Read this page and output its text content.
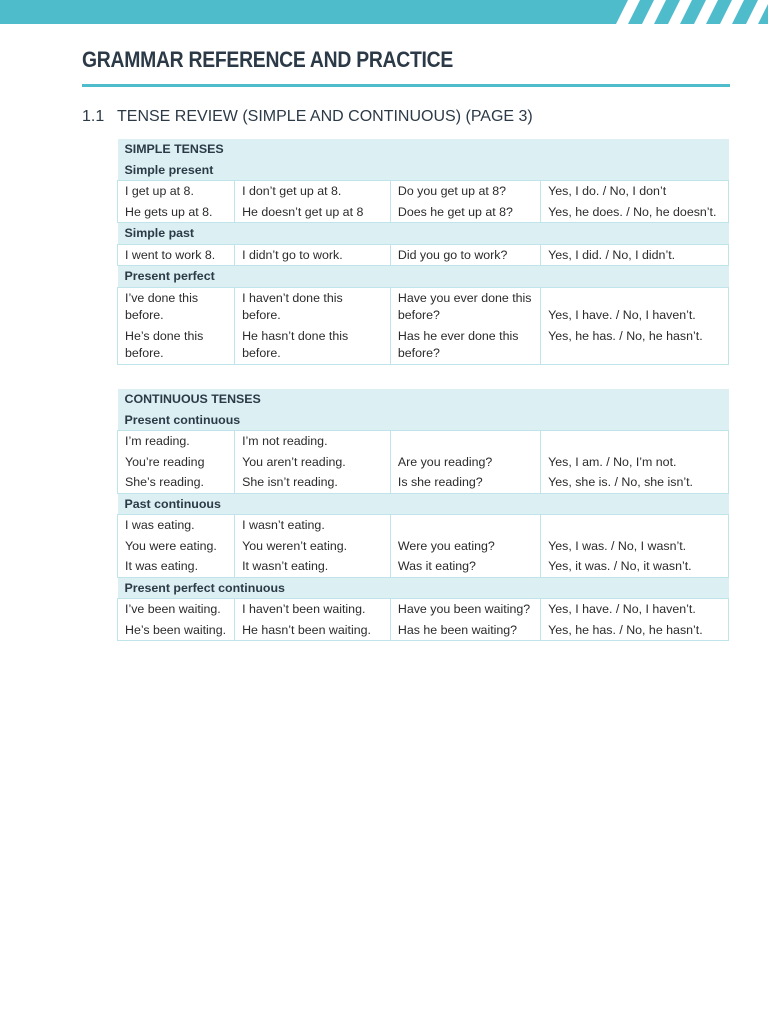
GRAMMAR REFERENCE AND PRACTICE
1.1 TENSE REVIEW (SIMPLE AND CONTINUOUS) (PAGE 3)
SIMPLE TENSES			
Simple present			
I get up at 8.	I don’t get up at 8.	Do you get up at 8?	Yes, I do. / No, I don’t
He gets up at 8.	He doesn’t get up at 8	Does he get up at 8?	Yes, he does. / No, he doesn’t.
Simple past			
I went to work 8.	I didn’t go to work.	Did you go to work?	Yes, I did. / No, I didn’t.
Present perfect			
I’ve done this before.	I haven’t done this before.	Have you ever done this before?	Yes, I have. / No, I haven’t.
He’s done this before.	He hasn’t done this before.	Has he ever done this before?	Yes, he has. / No, he hasn’t.
CONTINUOUS TENSES			
Present continuous			
I’m reading.	I’m not reading.		
You’re reading	You aren’t reading.	Are you reading?	Yes, I am. / No, I’m not.
She’s reading.	She isn’t reading.	Is she reading?	Yes, she is. / No, she isn’t.
Past continuous			
I was eating.	I wasn’t eating.		
You were eating.	You weren’t eating.	Were you eating?	Yes, I was. / No, I wasn’t.
It was eating.	It wasn’t eating.	Was it eating?	Yes, it was. / No, it wasn’t.
Present perfect continuous			
I’ve been waiting.	I haven’t been waiting.	Have you been waiting?	Yes, I have. / No, I haven’t.
He’s been waiting.	He hasn’t been waiting.	Has he been waiting?	Yes, he has. / No, he hasn’t.
